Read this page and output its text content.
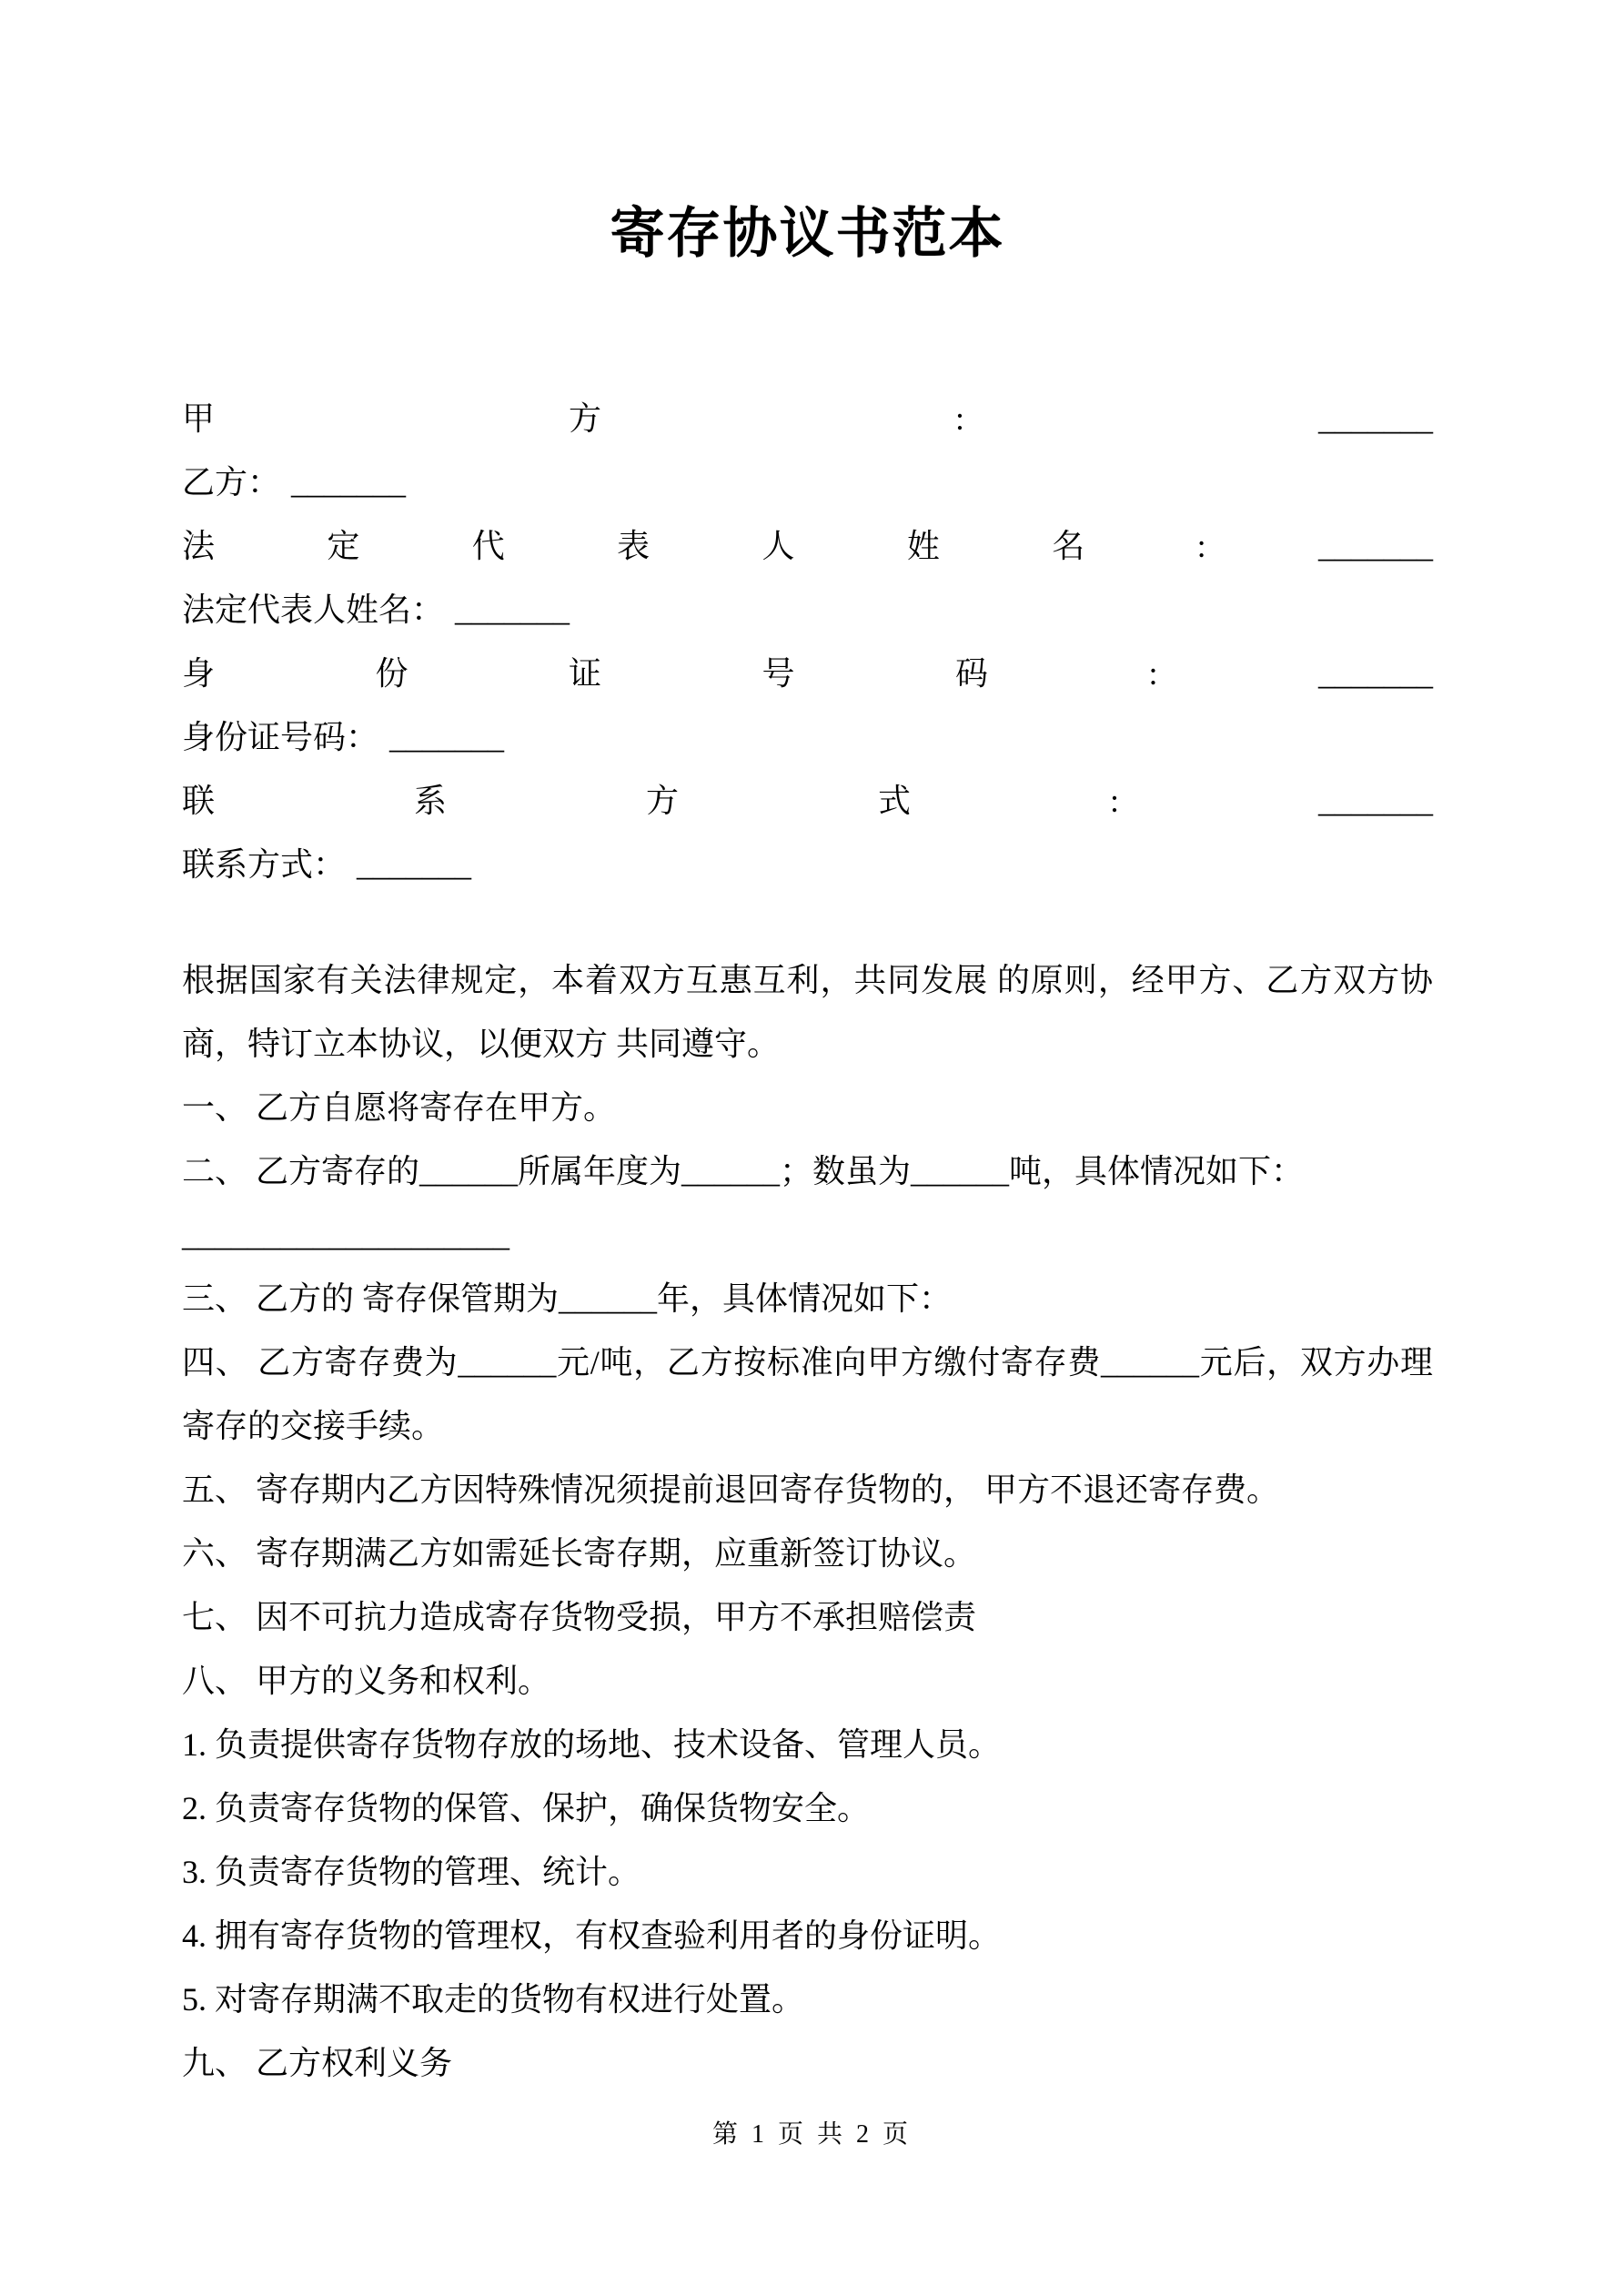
寄存协议书范本
甲	方	:	_______
乙方： _______
法	定	代	表	人	姓	名	:	_______
法定代表人姓名： _______
身	份	证	号	码	:	_______
身份证号码： _______
联	系	方	式	:	_______
联系方式： _______

根据国家有关法律规定，本着双方互惠互利，共同发展 的原则，经甲方、乙方双方协商，特订立本协议，以便双方 共同遵守。

一、 乙方自愿将寄存在甲方。

二、 乙方寄存的______所属年度为______；数虽为______吨，具体情况如下：

____________________

三、 乙方的 寄存保管期为______年，具体情况如下：

四、 乙方寄存费为______元/吨，乙方按标准向甲方缴付寄存费______元后，双方办理寄存的交接手续。

五、 寄存期内乙方因特殊情况须提前退回寄存货物的， 甲方不退还寄存费。

六、 寄存期满乙方如需延长寄存期，应重新签订协议。

七、 因不可抗力造成寄存货物受损，甲方不承担赔偿责

八、 甲方的义务和权利。

1. 负责提供寄存货物存放的场地、技术设备、管理人员。

2. 负责寄存货物的保管、保护，确保货物安全。

3. 负责寄存货物的管理、统计。

4. 拥有寄存货物的管理权，有权查验利用者的身份证明。

5. 对寄存期满不取走的货物有权进行处置。

九、 乙方权利义务

第 1 页 共 2 页
